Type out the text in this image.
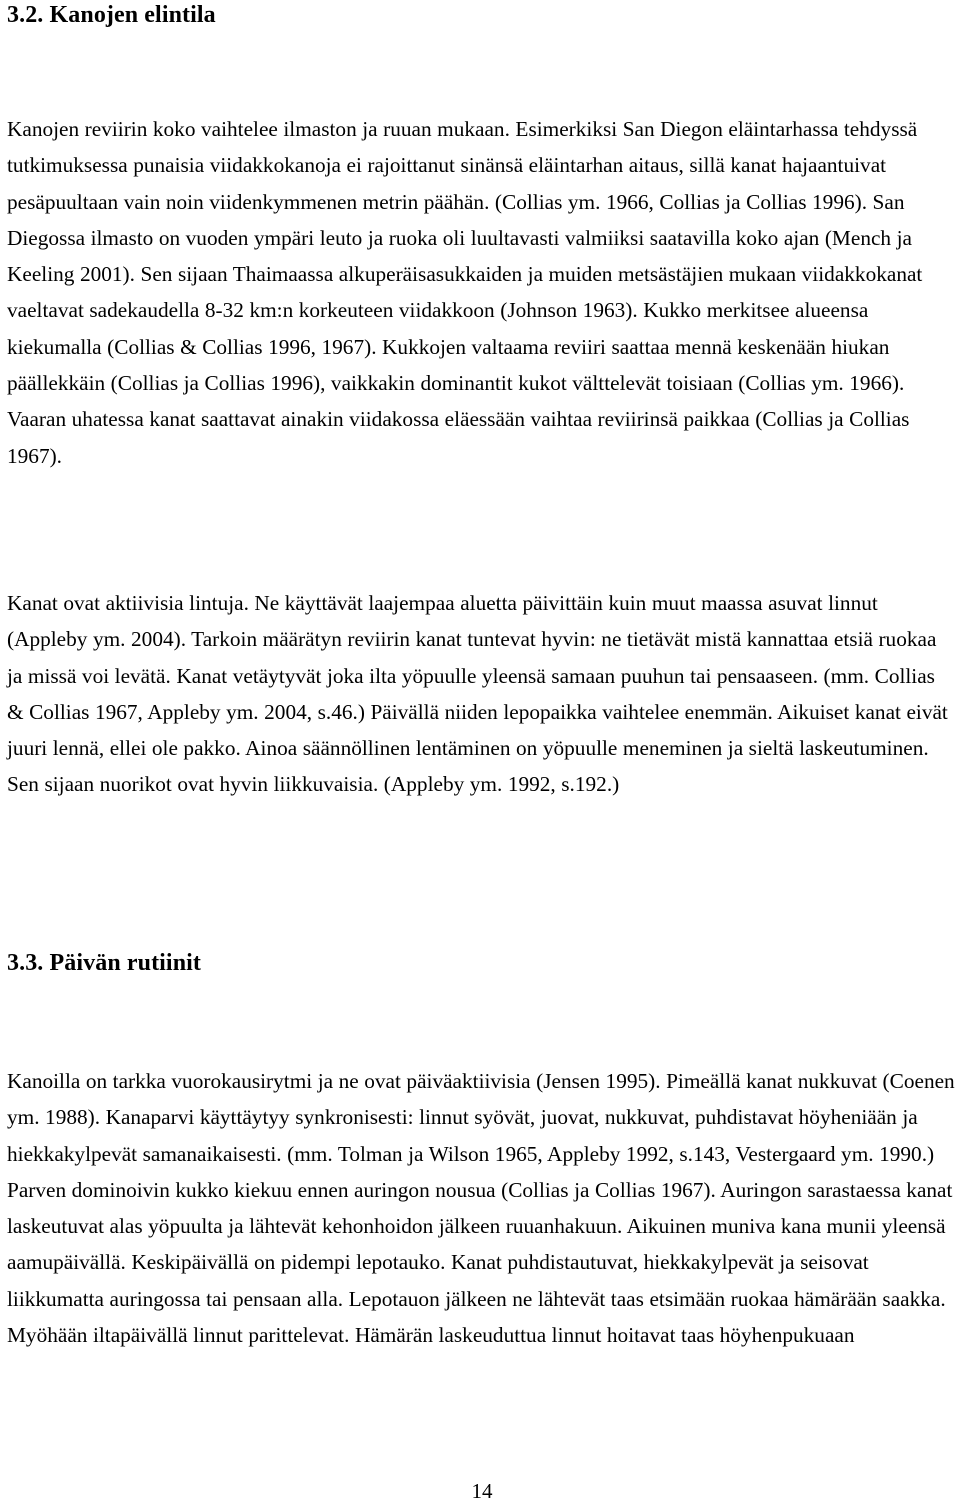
3.2. Kanojen elintila

Kanojen reviirin koko vaihtelee ilmaston ja ruuan mukaan. Esimerkiksi San Diegon eläintarhassa tehdyssä tutkimuksessa punaisia viidakkokanoja ei rajoittanut sinänsä eläintarhan aitaus, sillä kanat hajaantuivat pesäpuultaan vain noin viidenkymmenen metrin päähän. (Collias ym. 1966, Collias ja Collias 1996). San Diegossa ilmasto on vuoden ympäri leuto ja ruoka oli luultavasti valmiiksi saatavilla koko ajan (Mench ja Keeling 2001). Sen sijaan Thaimaassa alkuperäisasukkaiden ja muiden metsästäjien mukaan viidakkokanat vaeltavat sadekaudella 8-32 km:n korkeuteen viidakkoon (Johnson 1963). Kukko merkitsee alueensa kiekumalla (Collias & Collias 1996, 1967). Kukkojen valtaama reviiri saattaa mennä keskenään hiukan päällekkäin (Collias ja Collias 1996), vaikkakin dominantit kukot välttelevät toisiaan (Collias ym. 1966). Vaaran uhatessa kanat saattavat ainakin viidakossa eläessään vaihtaa reviirinsä paikkaa (Collias ja Collias 1967).

Kanat ovat aktiivisia lintuja. Ne käyttävät laajempaa aluetta päivittäin kuin muut maassa asuvat linnut (Appleby ym. 2004). Tarkoin määrätyn reviirin kanat tuntevat hyvin: ne tietävät mistä kannattaa etsiä ruokaa ja missä voi levätä. Kanat vetäytyvät joka ilta yöpuulle yleensä samaan puuhun tai pensaaseen. (mm. Collias & Collias 1967, Appleby ym. 2004, s.46.) Päivällä niiden lepopaikka vaihtelee enemmän. Aikuiset kanat eivät juuri lennä, ellei ole pakko. Ainoa säännöllinen lentäminen on yöpuulle meneminen ja sieltä laskeutuminen. Sen sijaan nuorikot ovat hyvin liikkuvaisia. (Appleby ym. 1992, s.192.)

3.3. Päivän rutiinit

Kanoilla on tarkka vuorokausirytmi ja ne ovat päiväaktiivisia (Jensen 1995). Pimeällä kanat nukkuvat (Coenen ym. 1988). Kanaparvi käyttäytyy synkronisesti: linnut syövät, juovat, nukkuvat, puhdistavat höyheniään ja hiekkakylpevät samanaikaisesti. (mm. Tolman ja Wilson 1965, Appleby 1992, s.143, Vestergaard ym. 1990.) Parven dominoivin kukko kiekuu ennen auringon nousua (Collias ja Collias 1967). Auringon sarastaessa kanat laskeutuvat alas yöpuulta ja lähtevät kehonhoidon jälkeen ruuanhakuun. Aikuinen muniva kana munii yleensä aamupäivällä. Keskipäivällä on pidempi lepotauko. Kanat puhdistautuvat, hiekkakylpevät ja seisovat liikkumatta auringossa tai pensaan alla. Lepotauon jälkeen ne lähtevät taas etsimään ruokaa hämärään saakka. Myöhään iltapäivällä linnut parittelevat. Hämärän laskeuduttua linnut hoitavat taas höyhenpukuaan

14
